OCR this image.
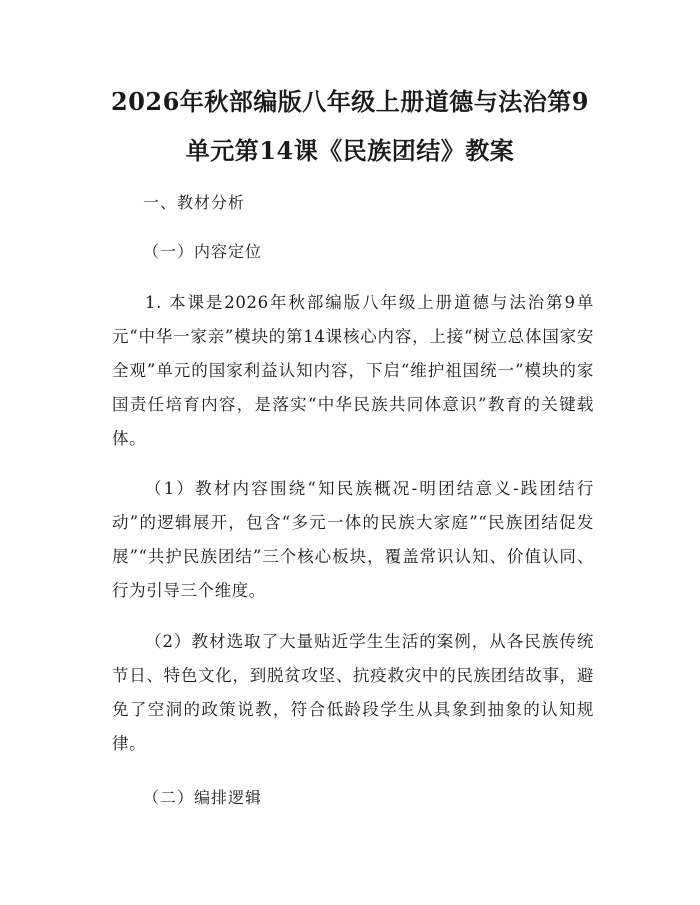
2026年秋部编版八年级上册道德与法治第9
单元第14课《民族团结》教案

一、教材分析

（一）内容定位

1. 本课是2026年秋部编版八年级上册道德与法治第9单元“中华一家亲”模块的第14课核心内容，上接“树立总体国家安全观”单元的国家利益认知内容，下启“维护祖国统一”模块的家国责任培育内容，是落实“中华民族共同体意识”教育的关键载体。

（1）教材内容围绕“知民族概况-明团结意义-践团结行动”的逻辑展开，包含“多元一体的民族大家庭”“民族团结促发展”“共护民族团结”三个核心板块，覆盖常识认知、价值认同、行为引导三个维度。

（2）教材选取了大量贴近学生生活的案例，从各民族传统节日、特色文化，到脱贫攻坚、抗疫救灾中的民族团结故事，避免了空洞的政策说教，符合低龄段学生从具象到抽象的认知规律。

（二）编排逻辑
